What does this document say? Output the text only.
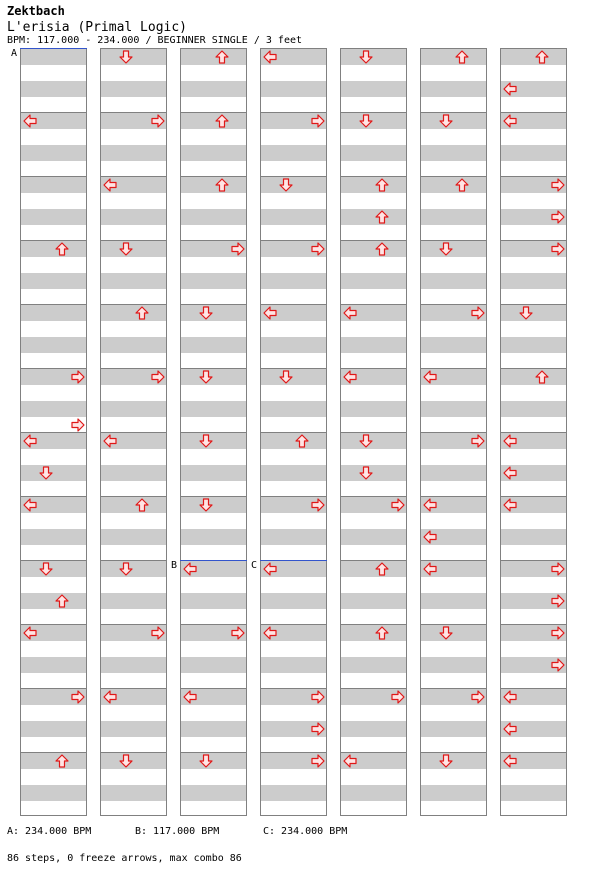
Zektbach
L'erisia (Primal Logic)
BPM: 117.000 - 234.000 / BEGINNER SINGLE / 3 feet
A
B	C
A: 234.000 BPM	B: 117.000 BPM	C: 234.000 BPM
86 steps, 0 freeze arrows, max combo 86
